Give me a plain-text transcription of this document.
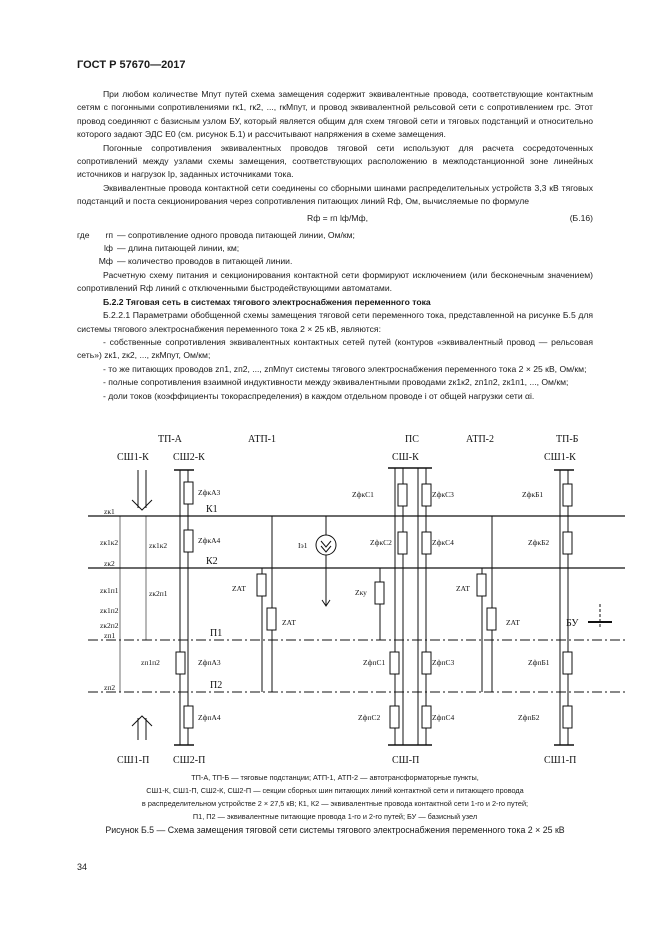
ГОСТ Р 57670—2017

При любом количестве Mпут путей схема замещения содержит эквивалентные провода, соответствующие контактным сетям с погонными сопротивлениями rк1, rк2, ..., rкMпут, и провод эквивалентной рельсовой сети с сопротивлением rрс. Этот провод соединяют с базисным узлом БУ, который является общим для схем тяговой сети и тяговых подстанций и относительно которого задают ЭДС E0 (см. рисунок Б.1) и рассчитывают напряжения в схеме замещения.

Погонные сопротивления эквивалентных проводов тяговой сети используют для расчета сосредоточенных сопротивлений между узлами схемы замещения, соответствующих расположению в межподстанционной зоне линейных источников и нагрузок Iр, заданных источниками тока.

Эквивалентные провода контактной сети соединены со сборными шинами распределительных устройств 3,3 кВ тяговых подстанций и поста секционирования через сопротивления питающих линий Rф, Ом, вычисляемые по формуле

Rф = rп lф/Mф,	(Б.16)
где	rп — сопротивление одного провода питающей линии, Ом/км;
lф — длина питающей линии, км;
Mф — количество проводов в питающей линии.

Расчетную схему питания и секционирования контактной сети формируют исключением (или бесконечным значением) сопротивлений Rф линий с отключенными быстродействующими автоматами.

Б.2.2 Тяговая сеть в системах тягового электроснабжения переменного тока

Б.2.2.1 Параметрами обобщенной схемы замещения тяговой сети переменного тока, представленной на рисунке Б.5 для системы тягового электроснабжения переменного тока 2 × 25 кВ, являются:

- собственные сопротивления эквивалентных контактных сетей путей (контуров «эквивалентный провод — рельсовая сеть») zк1, zк2, ..., zкMпут, Ом/км;

- то же питающих проводов zп1, zп2, ..., zпMпут системы тягового электроснабжения переменного тока 2 × 25 кВ, Ом/км;

- полные сопротивления взаимной индуктивности между эквивалентными проводами zк1к2, zп1п2, zк1п1, ..., Ом/км;

- доли токов (коэффициенты токораспределения) в каждом отдельном проводе i от общей нагрузки сети αi.

ТП-А	АТП-1	ПС	АТП-2	ТП-Б
СШ1-К СШ2-К	СШ-К	СШ1-К
СШ1-П СШ2-П	СШ-П	СШ1-П
К1
К2
П1
П2
zк1
zк2
zп1
zп2
zк1к2	zк1к2
zк1п1	zк2п1
zк1п2
zк2п2
zп1п2
ZфкА3
ZфкА4
ZфпА3
ZфпА4
ZфкС1
ZфкС2
ZфкС3
ZфкС4
ZфпС1
ZфпС2
ZфпС3
ZфпС4
ZфкБ1
ZфкБ2
ZфпБ1
ZфпБ2
ZАТ
ZАТ
ZАТ
ZАТ
Zку
Iэ1
БУ
ТП-А, ТП-Б — тяговые подстанции; АТП-1, АТП-2 — автотрансформаторные пункты,
СШ1-К, СШ1-П, СШ2-К, СШ2-П — секции сборных шин питающих линий контактной сети и питающего провода
в распределительном устройстве 2 × 27,5 кВ; К1, К2 — эквивалентные провода контактной сети 1-го и 2-го путей;
П1, П2 — эквивалентные питающие провода 1-го и 2-го путей; БУ — базисный узел
Рисунок Б.5 — Схема замещения тяговой сети системы тягового электроснабжения переменного тока 2 × 25 кВ
34
